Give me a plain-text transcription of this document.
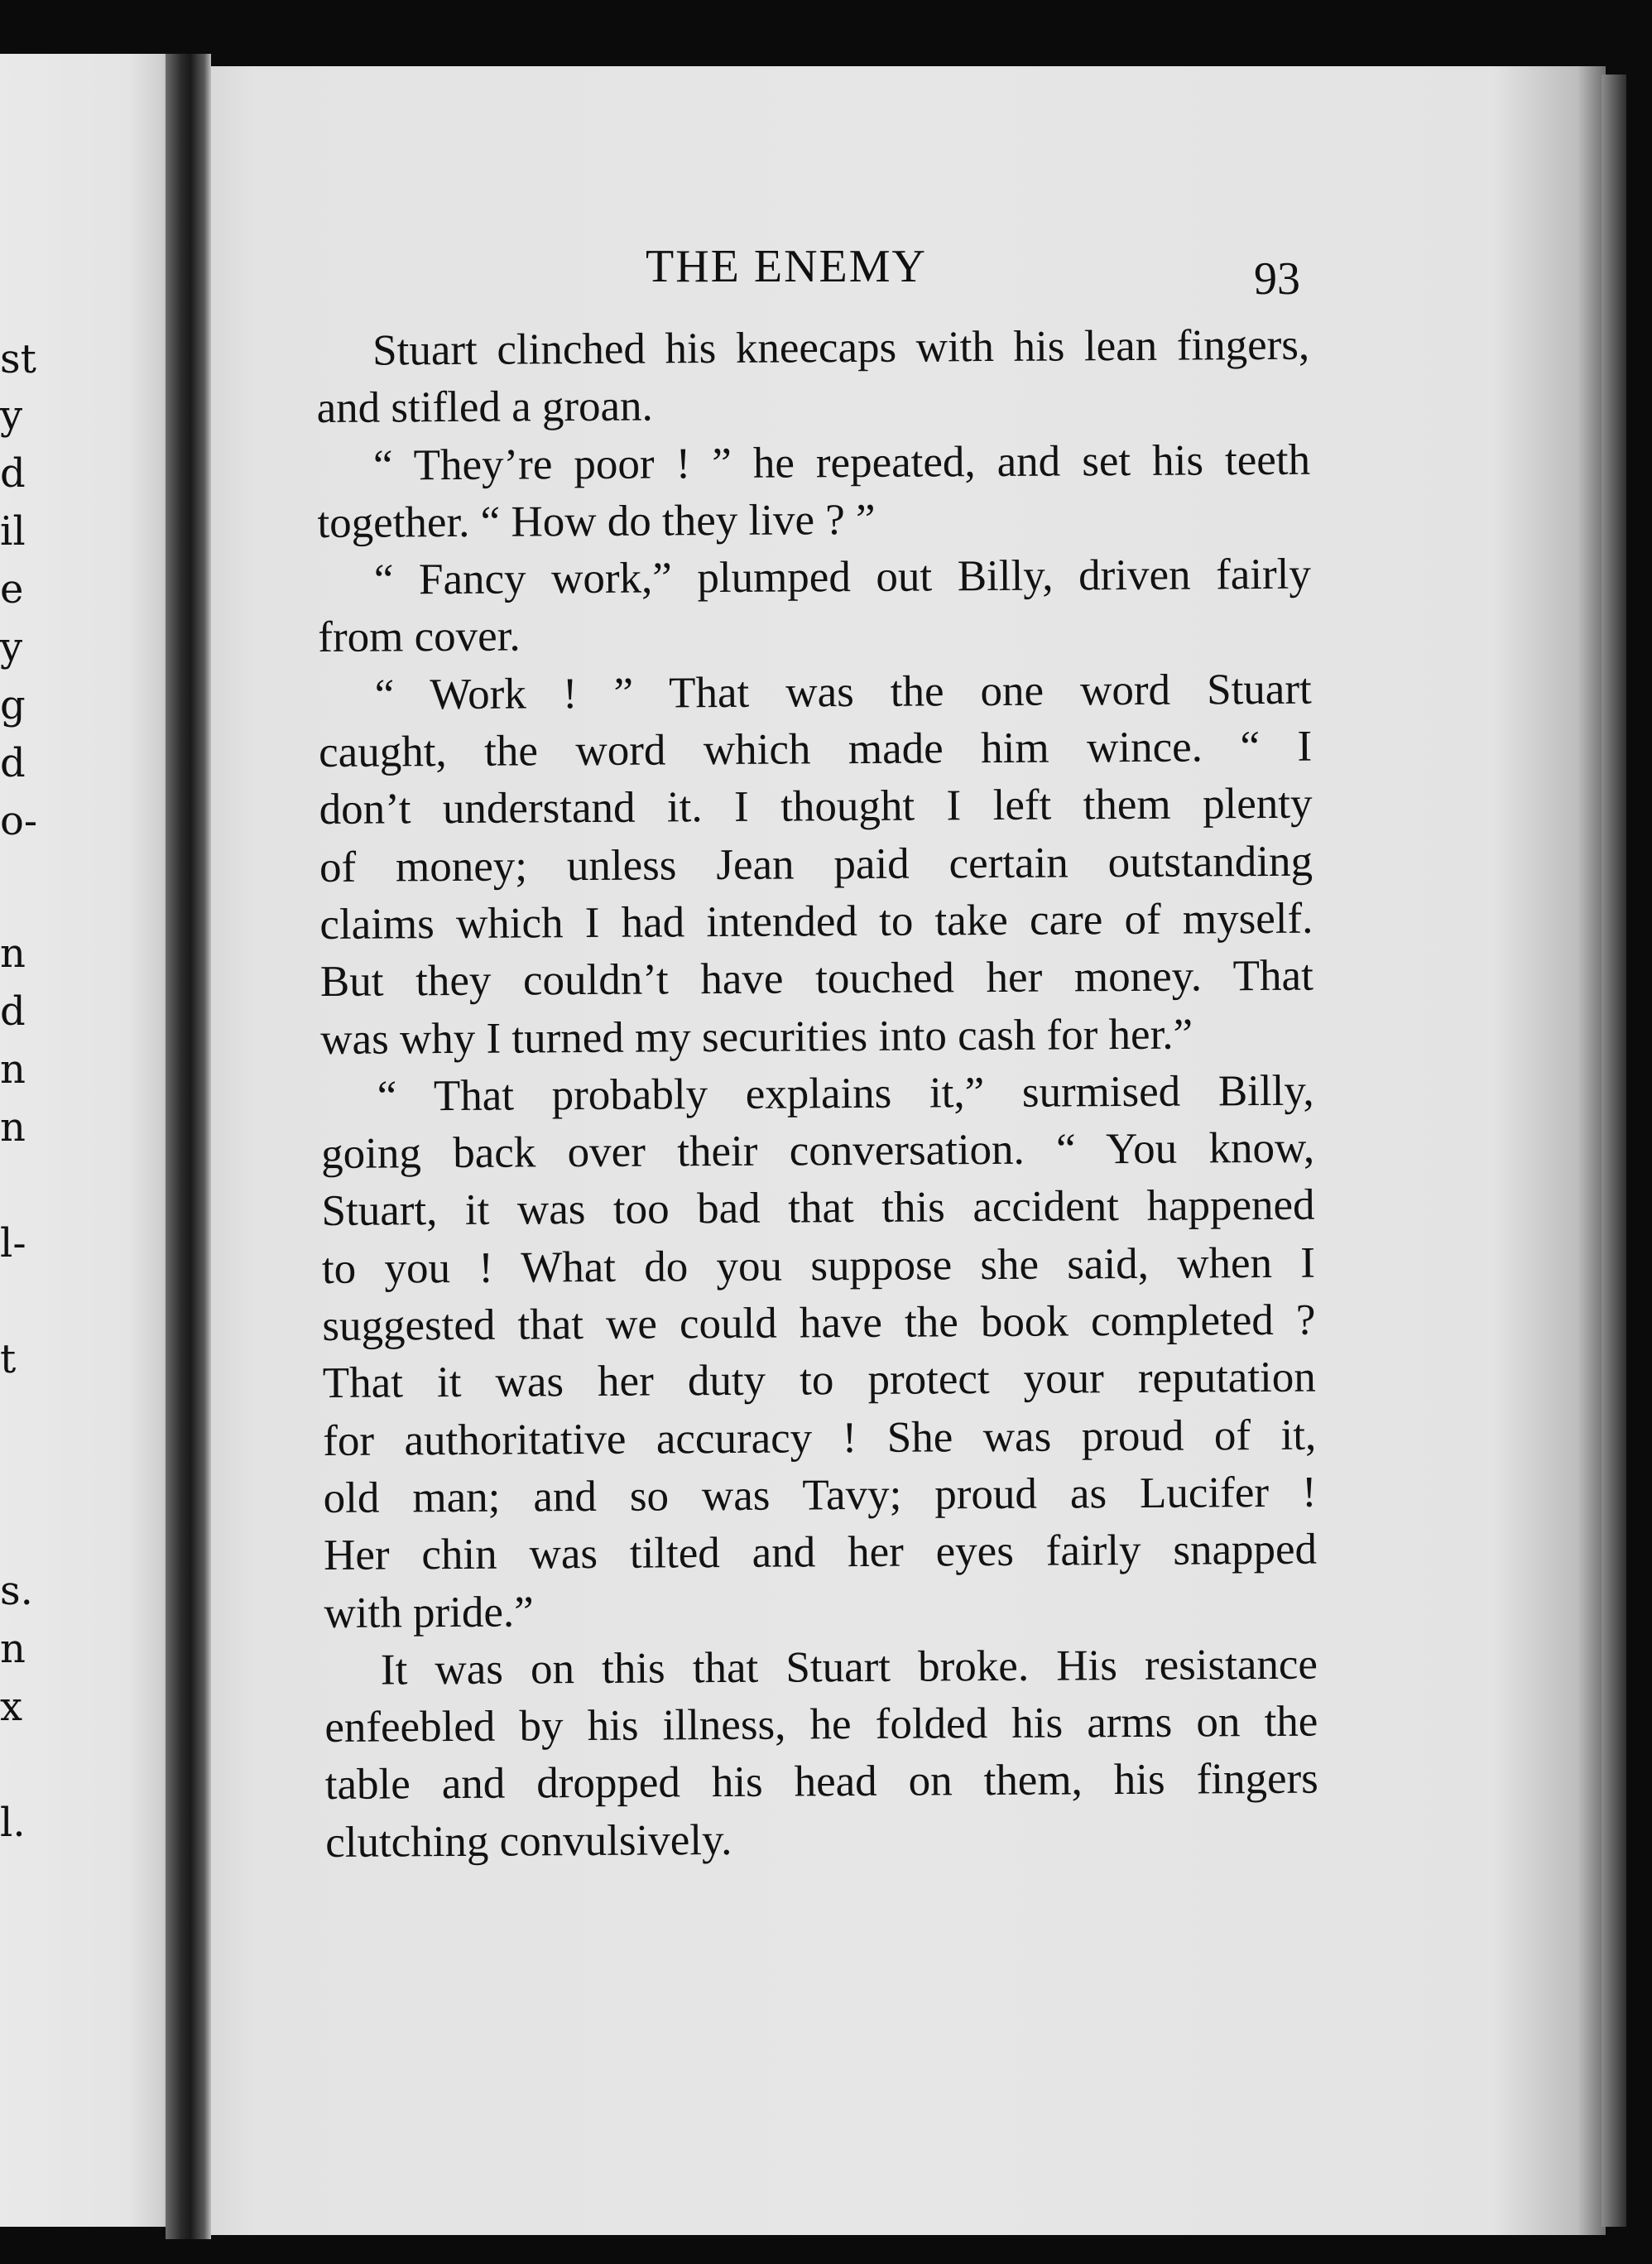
st
y
d
il
e
y
g
d
o-
n
d
n
n
l-
t
s.
n
x
l.
THE ENEMY	93
Stuart clinched his kneecaps with his lean fingers,
and stifled a groan.
“ They’re poor ! ” he repeated, and set his teeth
together. “ How do they live ? ”
“ Fancy work,” plumped out Billy, driven fairly
from cover.
“ Work ! ” That was the one word Stuart
caught, the word which made him wince. “ I
don’t understand it. I thought I left them plenty
of money; unless Jean paid certain outstanding
claims which I had intended to take care of myself.
But they couldn’t have touched her money. That
was why I turned my securities into cash for her.”
“ That probably explains it,” surmised Billy,
going back over their conversation. “ You know,
Stuart, it was too bad that this accident happened
to you ! What do you suppose she said, when I
suggested that we could have the book completed ?
That it was her duty to protect your reputation
for authoritative accuracy ! She was proud of it,
old man; and so was Tavy; proud as Lucifer !
Her chin was tilted and her eyes fairly snapped
with pride.”
It was on this that Stuart broke. His resistance
enfeebled by his illness, he folded his arms on the
table and dropped his head on them, his fingers
clutching convulsively.
